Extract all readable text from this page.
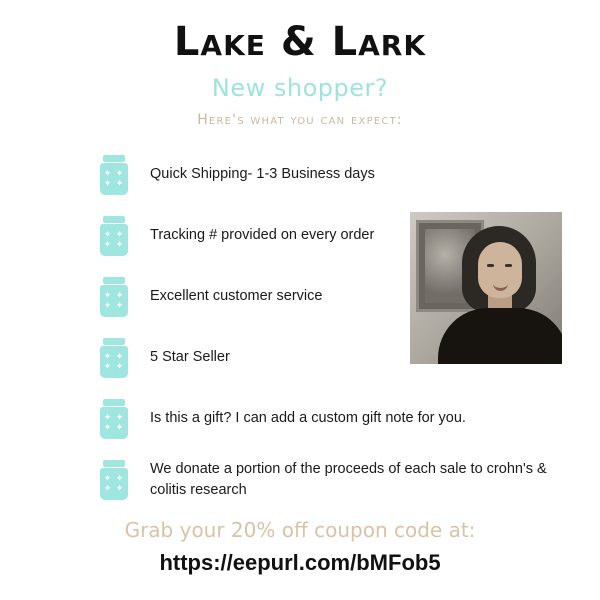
Lake & Lark
New shopper?
Here's what you can expect:
✦ ✦
✦ ✦
Quick Shipping- 1-3 Business days
✦ ✦
✦ ✦
Tracking # provided on every order
✦ ✦
✦ ✦
Excellent customer service
✦ ✦
✦ ✦
5 Star Seller
✦ ✦
✦ ✦
Is this a gift? I can add a custom gift note for you.
✦ ✦
✦ ✦
We donate a portion of the proceeds of each sale to crohn's & colitis research
Grab your 20% off coupon code at:
https://eepurl.com/bMFob5
